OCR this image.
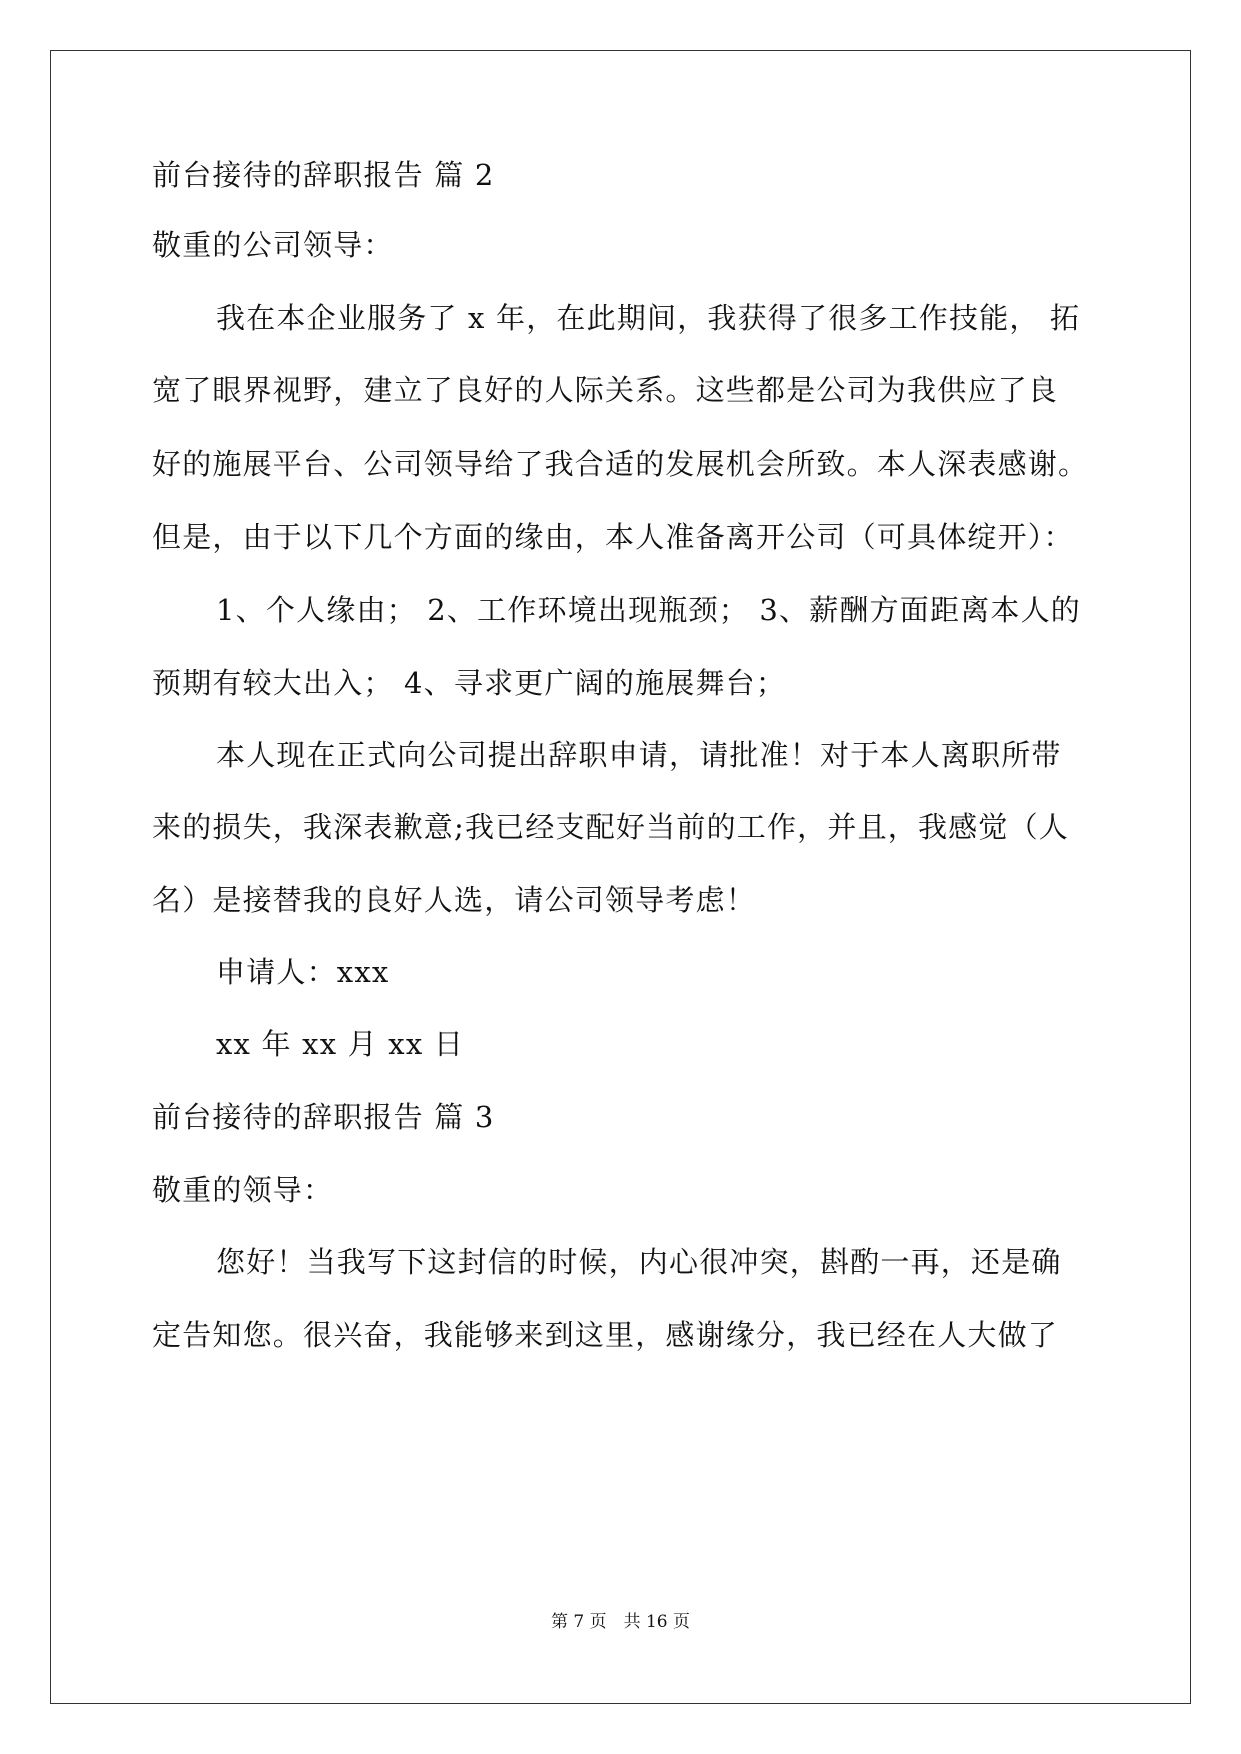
前台接待的辞职报告 篇 2
敬重的公司领导：
我在本企业服务了 x 年，在此期间，我获得了很多工作技能， 拓
宽了眼界视野，建立了良好的人际关系。这些都是公司为我供应了良
好的施展平台、公司领导给了我合适的发展机会所致。本人深表感谢。
但是，由于以下几个方面的缘由，本人准备离开公司（可具体绽开）：
1、个人缘由； 2、工作环境出现瓶颈； 3、薪酬方面距离本人的
预期有较大出入； 4、寻求更广阔的施展舞台；
本人现在正式向公司提出辞职申请，请批准！对于本人离职所带
来的损失，我深表歉意;我已经支配好当前的工作，并且，我感觉（人
名）是接替我的良好人选，请公司领导考虑！
申请人：xxx
xx 年 xx 月 xx 日
前台接待的辞职报告 篇 3
敬重的领导：
您好！当我写下这封信的时候，内心很冲突，斟酌一再，还是确
定告知您。很兴奋，我能够来到这里，感谢缘分，我已经在人大做了
第 7 页　共 16 页
